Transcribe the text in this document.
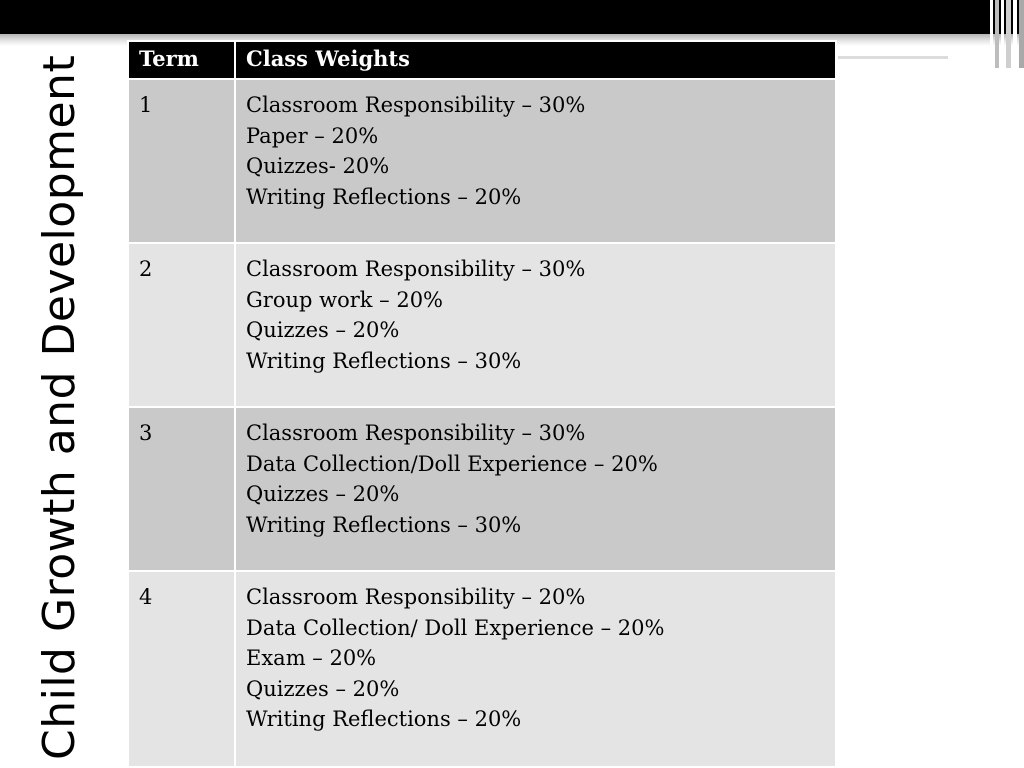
Child Growth and Development	Term	Class Weights
1	Classroom Responsibility – 30%
Paper – 20%
Quizzes- 20%
Writing Reflections – 20%

2	Classroom Responsibility – 30%
Group work – 20%
Quizzes – 20%
Writing Reflections – 30%

3	Classroom Responsibility – 30%
Data Collection/Doll Experience – 20%
Quizzes – 20%
Writing Reflections – 30%

4	Classroom Responsibility – 20%
Data Collection/ Doll Experience – 20%
Exam – 20%
Quizzes – 20%
Writing Reflections – 20%
